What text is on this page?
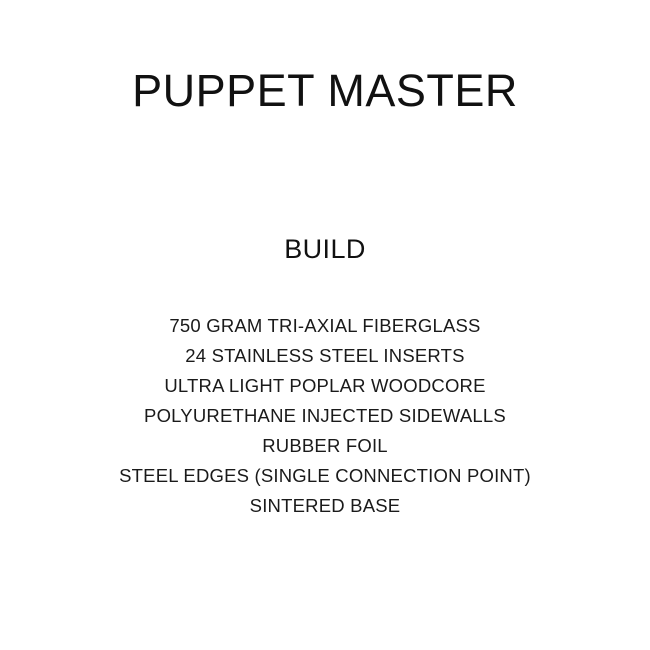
PUPPET MASTER
BUILD
750 GRAM TRI-AXIAL FIBERGLASS
24 STAINLESS STEEL INSERTS
ULTRA LIGHT POPLAR WOODCORE
POLYURETHANE INJECTED SIDEWALLS
RUBBER FOIL
STEEL EDGES (SINGLE CONNECTION POINT)
SINTERED BASE
